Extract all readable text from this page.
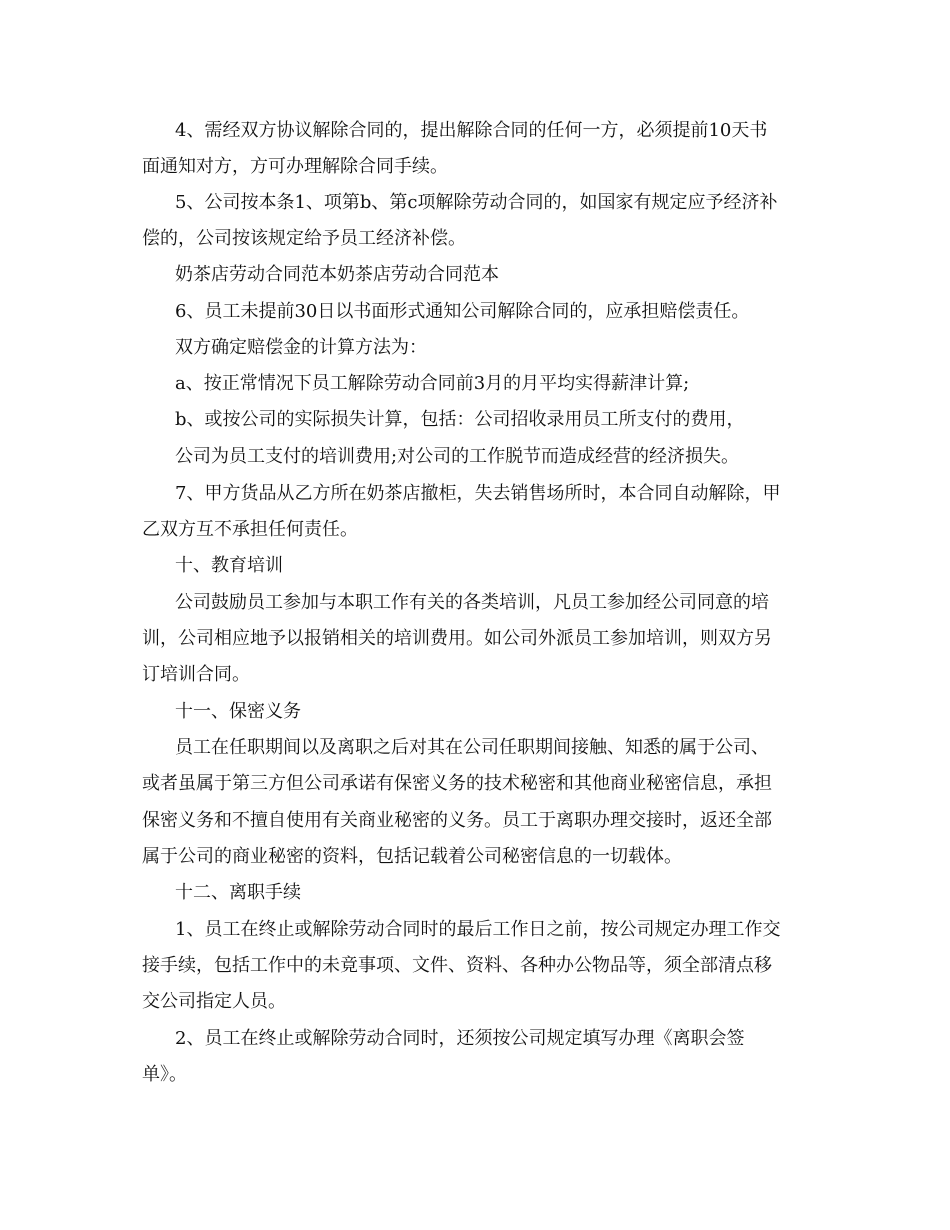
4、需经双方协议解除合同的，提出解除合同的任何一方，必须提前10天书
面通知对方，方可办理解除合同手续。
5、公司按本条1、项第b、第c项解除劳动合同的，如国家有规定应予经济补
偿的，公司按该规定给予员工经济补偿。
奶茶店劳动合同范本奶茶店劳动合同范本
6、员工未提前30日以书面形式通知公司解除合同的，应承担赔偿责任。
双方确定赔偿金的计算方法为：
a、按正常情况下员工解除劳动合同前3月的月平均实得薪津计算;
b、或按公司的实际损失计算，包括：公司招收录用员工所支付的费用，
公司为员工支付的培训费用;对公司的工作脱节而造成经营的经济损失。
7、甲方货品从乙方所在奶茶店撤柜，失去销售场所时，本合同自动解除，甲
乙双方互不承担任何责任。
十、教育培训
公司鼓励员工参加与本职工作有关的各类培训，凡员工参加经公司同意的培
训，公司相应地予以报销相关的培训费用。如公司外派员工参加培训，则双方另
订培训合同。
十一、保密义务
员工在任职期间以及离职之后对其在公司任职期间接触、知悉的属于公司、
或者虽属于第三方但公司承诺有保密义务的技术秘密和其他商业秘密信息，承担
保密义务和不擅自使用有关商业秘密的义务。员工于离职办理交接时，返还全部
属于公司的商业秘密的资料，包括记载着公司秘密信息的一切载体。
十二、离职手续
1、员工在终止或解除劳动合同时的最后工作日之前，按公司规定办理工作交
接手续，包括工作中的未竟事项、文件、资料、各种办公物品等，须全部清点移
交公司指定人员。
2、员工在终止或解除劳动合同时，还须按公司规定填写办理《离职会签
单》。
